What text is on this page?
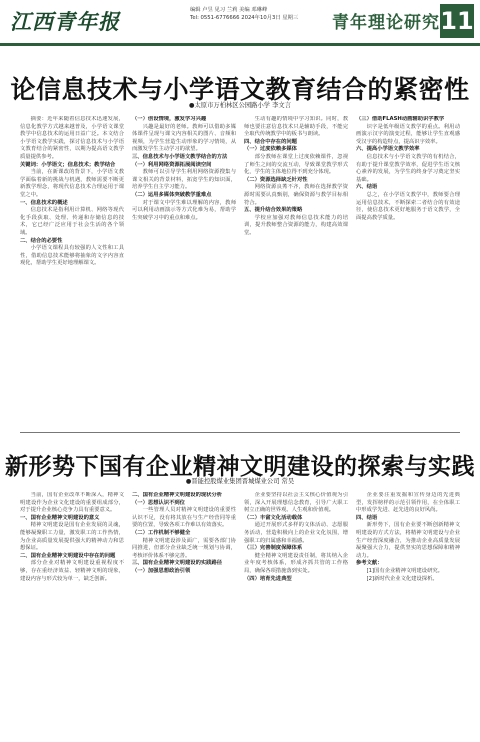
江西青年报	编辑 卢昱 见习 兰莉 美编 邓琳峰
Tel: 0551-6776666 2024年10月3日 星期三 青年理论研究 11
论信息技术与小学语文教育结合的紧密性
●太原市万柏林区公园路小学 李文言

摘要：近年来随着信息技术迅速发展，信息化教学方式越来越普及，小学语文课堂教学中信息技术的运用日益广泛。本文结合小学语文教学实践，探讨信息技术与小学语文教育结合的紧密性，以期为提高语文教学质量提供参考。

关键词：小学语文；信息技术；教学结合

当前，在新课改的背景下，小学语文教学面临着新的挑战与机遇，教师需要不断更新教学理念，将现代信息技术合理运用于课堂之中。

一、信息技术的概述

信息技术是指利用计算机、网络等现代化手段获取、处理、传递和存储信息的技术，它已经广泛应用于社会生活的各个领域。

二、结合的必要性

小学语文课程具有较强的人文性和工具性，借助信息技术能够将抽象的文字内容直观化，帮助学生更好地理解课文。

（一）创设情境，激发学习兴趣

兴趣是最好的老师。教师可以借助多媒体课件呈现与课文内容相关的图片、音频和视频，为学生营造生动形象的学习情境，从而激发学生主动学习的欲望。

三、信息技术与小学语文教学结合的方法

（一）利用网络资源拓展阅读空间

教师可以引导学生利用网络资源搜集与课文相关的背景材料，拓宽学生的知识面，培养学生自主学习能力。

（二）运用多媒体突破教学重难点

对于课文中学生难以理解的内容，教师可以利用动画演示等方式化难为易，帮助学生突破学习中的重点和难点。

生动有趣的情境中学习知识。同时，教师也要注意信息技术只是辅助手段，不能完全取代传统教学中的板书与朗读。

四、结合中存在的问题

（一）过度依赖多媒体

部分教师在课堂上过度依赖课件，忽视了师生之间的交流互动，导致课堂教学形式化，学生的主体地位得不到充分体现。

（二）资源选择缺乏针对性

网络资源良莠不齐，教师在选择教学资源时需要认真甄别，确保资源与教学目标相符合。

五、提升结合效果的策略

学校应加强对教师信息技术能力的培训，提升教师整合资源的能力，构建高效课堂。

（三）借助FLASH动画辅助识字教学

识字是低年级语文教学的重点。利用动画演示汉字的演变过程，能够让学生直观感受汉字的构造特点，提高识字效率。

六、提高小学语文教学效率

信息技术与小学语文教学的有机结合，有助于提升课堂教学效率，促进学生语文核心素养的发展，为学生的终身学习奠定坚实基础。

六、结语

总之，在小学语文教学中，教师要合理运用信息技术，不断探索二者结合的有效途径，使信息技术更好地服务于语文教学，全面提高教学质量。

新形势下国有企业精神文明建设的探索与实践
●晋能控股煤业集团晋城煤业公司 常昊

当前，国有企业改革不断深入，精神文明建设作为企业文化建设的重要组成部分，对于提升企业核心竞争力具有重要意义。

一、国有企业精神文明建设的意义

精神文明建设是国有企业发展的灵魂，能够凝聚职工力量，激发职工的工作热情，为企业高质量发展提供强大的精神动力和思想保证。

二、国有企业精神文明建设中存在的问题

部分企业对精神文明建设重视程度不够，存在重经济效益、轻精神文明的现象，建设内容与形式较为单一，缺乏创新。

二、国有企业精神文明建设的现状分析

（一）思想认识不到位

一些管理人员对精神文明建设的重要性认识不足，没有将其放在与生产经营同等重要的位置，导致各项工作难以有效落实。

（二）工作机制不够健全

精神文明建设涉及面广，需要各部门协同推进，但部分企业缺乏统一规划与协调，考核评价体系不够完善。

三、国有企业精神文明建设的实践路径

（一）加强思想政治引领

企业要坚持以社会主义核心价值观为引领，深入开展理想信念教育，引导广大职工树立正确的世界观、人生观和价值观。

（二）丰富文化活动载体

通过开展形式多样的文体活动、志愿服务活动，营造积极向上的企业文化氛围，增强职工的归属感和幸福感。

（三）完善制度保障体系

健全精神文明建设责任制，将其纳入企业年度考核体系，形成齐抓共管的工作格局，确保各项措施落到实处。

（四）培育先进典型

企业要注重发掘和宣传身边的先进典型，发挥榜样的示范引领作用，在全体职工中形成学先进、赶先进的良好风尚。

四、结语

新形势下，国有企业要不断创新精神文明建设的方式方法，将精神文明建设与企业生产经营深度融合，为推动企业高质量发展凝聚强大合力，提供坚实的思想保障和精神动力。

参考文献：

[1]国有企业精神文明建设研究。

[2]新时代企业文化建设探析。
